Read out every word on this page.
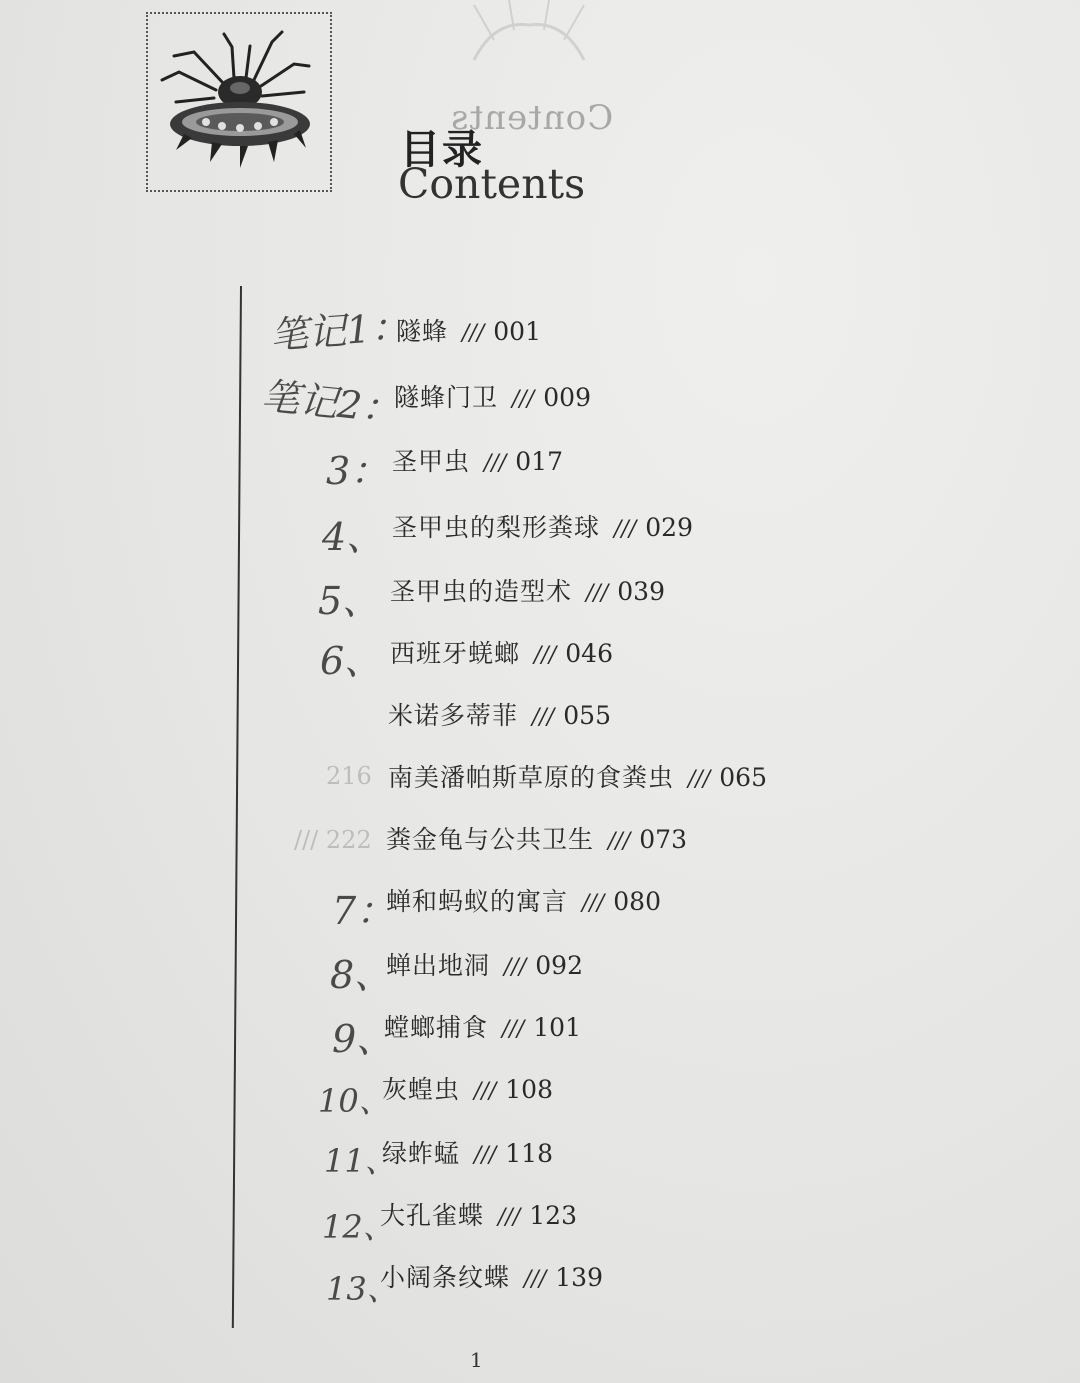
Contents
216
/// 222
目录
Contents
笔记1：
隧蜂 /// 001
笔记2：
隧蜂门卫 /// 009
3： 圣甲虫 /// 017
4、 圣甲虫的梨形粪球 /// 029
5、 圣甲虫的造型术 /// 039
6、 西班牙蜣螂 /// 046
米诺多蒂菲 /// 055
南美潘帕斯草原的食粪虫 /// 065
粪金龟与公共卫生 /// 073
7：
蝉和蚂蚁的寓言 /// 080
8、
蝉出地洞 /// 092
9、
螳螂捕食 /// 101
10、
灰蝗虫 /// 108
11、
绿蚱蜢 /// 118
12、
大孔雀蝶 /// 123
13、
小阔条纹蝶 /// 139
1
